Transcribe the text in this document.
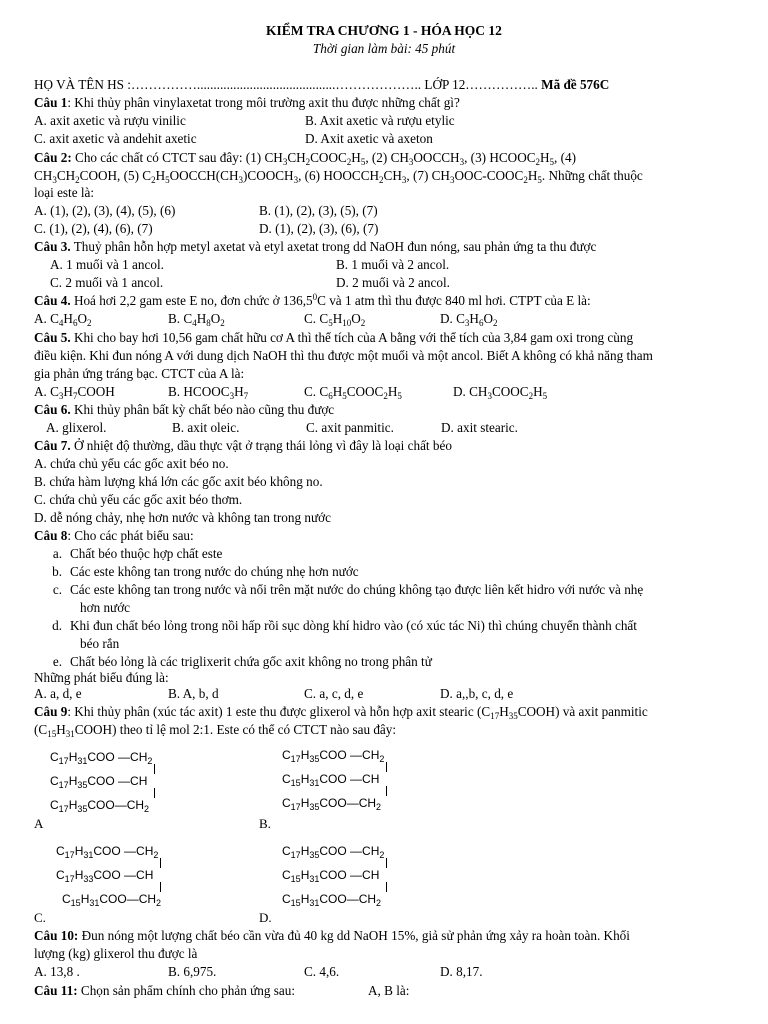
KIỂM TRA CHƯƠNG 1 - HÓA HỌC 12
Thời gian làm bài: 45 phút
HỌ VÀ TÊN HS :……………..........................................……………….. LỚP 12…………….. Mã đề 576C
Câu 1: Khi thủy phân vinylaxetat trong môi trường axit thu được những chất gì?
A. axit axetic và rượu vinilic	B. Axit axetic và rượu etylic
C. axit axetic và andehit axetic	D. Axit axetic và axeton
Câu 2: Cho các chất có CTCT sau đây: (1) $CH_3CH_2COOC_2H_5$, (2) $CH_3OOCCH_3$, (3) $HCOOC_2H_5$, (4)
$CH_3CH_2COOH$, (5) $C_2H_5OOCCH(CH_3)COOCH_3$, (6) $HOOCCH_2CH_3$, (7) $CH_3OOC-COOC_2H_5$. Những chất thuộc
loại este là:
A. (1), (2), (3), (4), (5), (6)	B. (1), (2), (3), (5), (7)
C. (1), (2), (4), (6), (7)	D. (1), (2), (3), (6), (7)
Câu 3. Thuỷ phân hỗn hợp metyl axetat và etyl axetat trong dd NaOH đun nóng, sau phản ứng ta thu được
A. 1 muối và 1 ancol.	B. 1 muối và 2 ancol.
C. 2 muối và 1 ancol.	D. 2 muối và 2 ancol.
Câu 4. Hoá hơi 2,2 gam este E no, đơn chức ở 136,5$^0$C và 1 atm thì thu được 840 ml hơi. CTPT của E là:
A. $C_4H_6O_2$	B. $C_4H_8O_2$	C. $C_5H_{10}O_2$	D. $C_3H_6O_2$
Câu 5. Khi cho bay hơi 10,56 gam chất hữu cơ A thì thể tích của A bằng với thể tích của 3,84 gam oxi trong cùng
điều kiện. Khi đun nóng A với dung dịch NaOH thì thu được một muối và một ancol. Biết A không có khả năng tham
gia phản ứng tráng bạc. CTCT của A là:
A. $C_3H_7COOH$	B. $HCOOC_3H_7$	C. $C_6H_5COOC_2H_5$	D. $CH_3COOC_2H_5$
Câu 6. Khi thủy phân bất kỳ chất béo nào cũng thu được
A. glixerol.	B. axit oleic.	C. axit panmitic.	D. axit stearic.
Câu 7. Ở nhiệt độ thường, dầu thực vật ở trạng thái lỏng vì đây là loại chất béo
A. chứa chủ yếu các gốc axit béo no.
B. chứa hàm lượng khá lớn các gốc axit béo không no.
C. chứa chủ yếu các gốc axit béo thơm.
D. dễ nóng chảy, nhẹ hơn nước và không tan trong nước
Câu 8: Cho các phát biểu sau:
a. Chất béo thuộc hợp chất este
b. Các este không tan trong nước do chúng nhẹ hơn nước
c. Các este không tan trong nước và nổi trên mặt nước do chúng không tạo được liên kết hidro với nước và nhẹ
hơn nước
d. Khi đun chất béo lỏng trong nồi hấp rồi sục dòng khí hidro vào (có xúc tác Ni) thì chúng chuyển thành chất
béo rắn
e. Chất béo lỏng là các triglixerit chứa gốc axit không no trong phân tử
Những phát biểu đúng là:
A. a, d, e	B. A, b, d	C. a, c, d, e	D. a,,b, c, d, e
Câu 9: Khi thủy phân (xúc tác axit) 1 este thu được glixerol và hỗn hợp axit stearic $(C_{17}H_{35}COOH)$ và axit panmitic
$(C_{15}H_{31}COOH)$ theo tỉ lệ mol 2:1. Este có thể có CTCT nào sau đây:
$C_{17}H_{31}COO$ $—CH_2$
$C_{17}H_{35}COO$ —CH
$C_{17}H_{35}COO—CH_2$
A
$C_{17}H_{35}COO$ $—CH_2$
$C_{15}H_{31}COO$ —CH
$C_{17}H_{35}COO—CH_2$
B.
$C_{17}H_{31}COO$ $—CH_2$
$C_{17}H_{33}COO$ —CH
$C_{15}H_{31}COO—CH_2$
C.
$C_{17}H_{35}COO$ $—CH_2$
$C_{15}H_{31}COO$ —CH
$C_{15}H_{31}COO—CH_2$
D.
Câu 10: Đun nóng một lượng chất béo cần vừa đủ 40 kg dd NaOH 15%, giả sử phản ứng xảy ra hoàn toàn. Khối
lượng (kg) glixerol thu được là
A. 13,8 .	B. 6,975.	C. 4,6.	D. 8,17.
Câu 11: Chọn sản phẩm chính cho phản ứng sau:	A, B là:
